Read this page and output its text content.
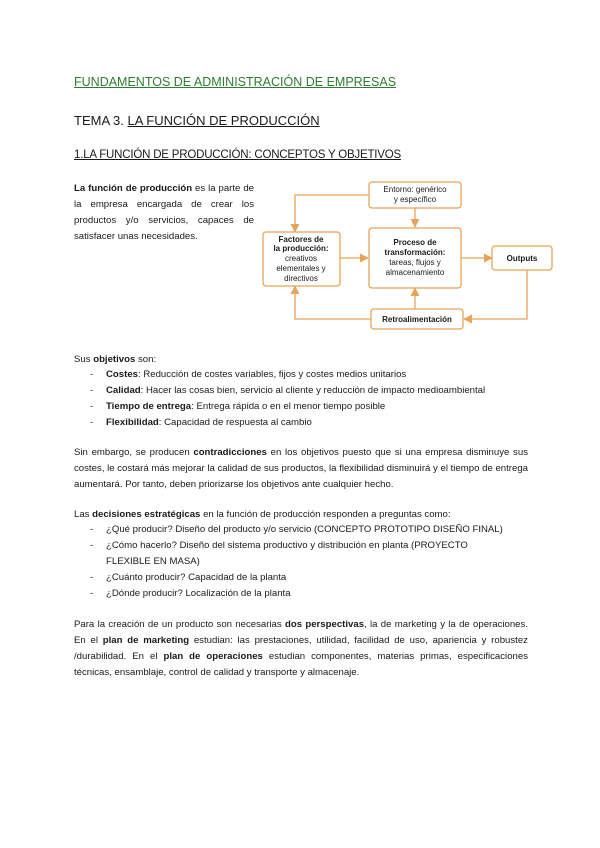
FUNDAMENTOS DE ADMINISTRACIÓN DE EMPRESAS
TEMA 3. LA FUNCIÓN DE PRODUCCIÓN
1.LA FUNCIÓN DE PRODUCCIÓN: CONCEPTOS Y OBJETIVOS
La función de producción es la parte de la empresa encargada de crear los productos y/o servicios, capaces de satisfacer unas necesidades.
Entorno: genérico
y específico
Factores de
la producción:
creativos
elementales y
directivos
Proceso de
transformación:
tareas, flujos y
almacenamiento
Outputs
Retroalimentación
Sus objetivos son:
- Costes: Reducción de costes variables, fijos y costes medios unitarios
- Calidad: Hacer las cosas bien, servicio al cliente y reducción de impacto medioambiental
- Tiempo de entrega: Entrega rápida o en el menor tiempo posible
- Flexibilidad: Capacidad de respuesta al cambio
Sin embargo, se producen contradicciones en los objetivos puesto que si una empresa disminuye sus costes, le costará más mejorar la calidad de sus productos, la flexibilidad disminuirá y el tiempo de entrega aumentará. Por tanto, deben priorizarse los objetivos ante cualquier hecho.
Las decisiones estratégicas en la función de producción responden a preguntas como:
- ¿Qué producir? Diseño del producto y/o servicio (CONCEPTO PROTOTIPO DISEÑO FINAL)
- ¿Cómo hacerlo? Diseño del sistema productivo y distribución en planta (PROYECTO FLEXIBLE EN MASA)
- ¿Cuánto producir? Capacidad de la planta
- ¿Dónde producir? Localización de la planta
Para la creación de un producto son necesarias dos perspectivas, la de marketing y la de operaciones. En el plan de marketing estudian: las prestaciones, utilidad, facilidad de uso, apariencia y robustez /durabilidad. En el plan de operaciones estudian componentes, materias primas, especificaciones técnicas, ensamblaje, control de calidad y transporte y almacenaje.
